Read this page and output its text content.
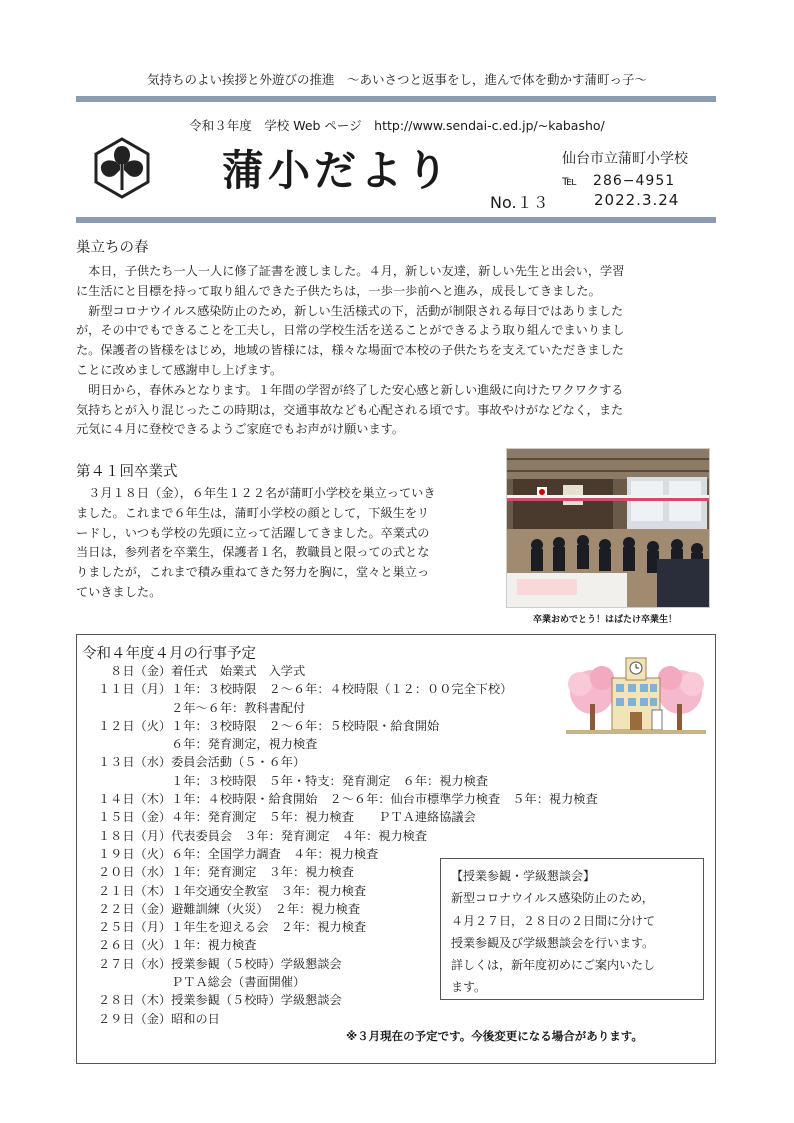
気持ちのよい挨拶と外遊びの推進　～あいさつと返事をし，進んで体を動かす蒲町っ子～
令和３年度　学校 Web ページ　http://www.sendai-c.ed.jp/~kabasho/
蒲小だより	仙台市立蒲町小学校
℡　 286−4951
No.１３	2022.3.24
巣立ちの春
　本日，子供たち一人一人に修了証書を渡しました。４月，新しい友達，新しい先生と出会い，学習
に生活にと目標を持って取り組んできた子供たちは，一歩一歩前へと進み，成長してきました。
　新型コロナウイルス感染防止のため，新しい生活様式の下，活動が制限される毎日ではありました
が，その中でもできることを工夫し，日常の学校生活を送ることができるよう取り組んでまいりまし
た。保護者の皆様をはじめ，地域の皆様には，様々な場面で本校の子供たちを支えていただきました
ことに改めまして感謝申し上げます。
　明日から，春休みとなります。１年間の学習が終了した安心感と新しい進級に向けたワクワクする
気持ちとが入り混じったこの時期は，交通事故なども心配される頃です。事故やけがなどなく，また
元気に４月に登校できるようご家庭でもお声がけ願います。
第４１回卒業式
　３月１８日（金），６年生１２２名が蒲町小学校を巣立っていき
ました。これまで６年生は，蒲町小学校の顔として，下級生をリ
ードし，いつも学校の先頭に立って活躍してきました。卒業式の
当日は，参列者を卒業生，保護者１名，教職員と限っての式とな
りましたが，これまで積み重ねてきた努力を胸に，堂々と巣立っ
ていきました。
卒業おめでとう！はばたけ卒業生！
令和４年度４月の行事予定
　８日（金）着任式　始業式　入学式
１１日（月）１年：３校時限　２～６年：４校時限（１２：００完全下校）
　　　　　　２年～６年：教科書配付
１２日（火）１年：３校時限　２～６年：５校時限・給食開始
　　　　　　６年：発育測定，視力検査
１３日（水）委員会活動（５・６年）
　　　　　　１年：３校時限　５年・特支：発育測定　６年：視力検査
１４日（木）１年：４校時限・給食開始　２～６年：仙台市標準学力検査　５年：視力検査
１５日（金）４年：発育測定　５年：視力検査　　ＰＴＡ連絡協議会
１８日（月）代表委員会　３年：発育測定　４年：視力検査
１９日（火）６年：全国学力調査　４年：視力検査
２０日（水）１年：発育測定　３年：視力検査
２１日（木）１年交通安全教室　３年：視力検査
２２日（金）避難訓練（火災）　２年：視力検査
２５日（月）１年生を迎える会　２年：視力検査
２６日（火）１年：視力検査
２７日（水）授業参観（５校時）学級懇談会
　　　　　　ＰＴＡ総会（書面開催）
２８日（木）授業参観（５校時）学級懇談会
２９日（金）昭和の日
【授業参観・学級懇談会】
新型コロナウイルス感染防止のため，
４月２７日，２８日の２日間に分けて
授業参観及び学級懇談会を行います。
詳しくは，新年度初めにご案内いたし
ます。
※３月現在の予定です。今後変更になる場合があります。
